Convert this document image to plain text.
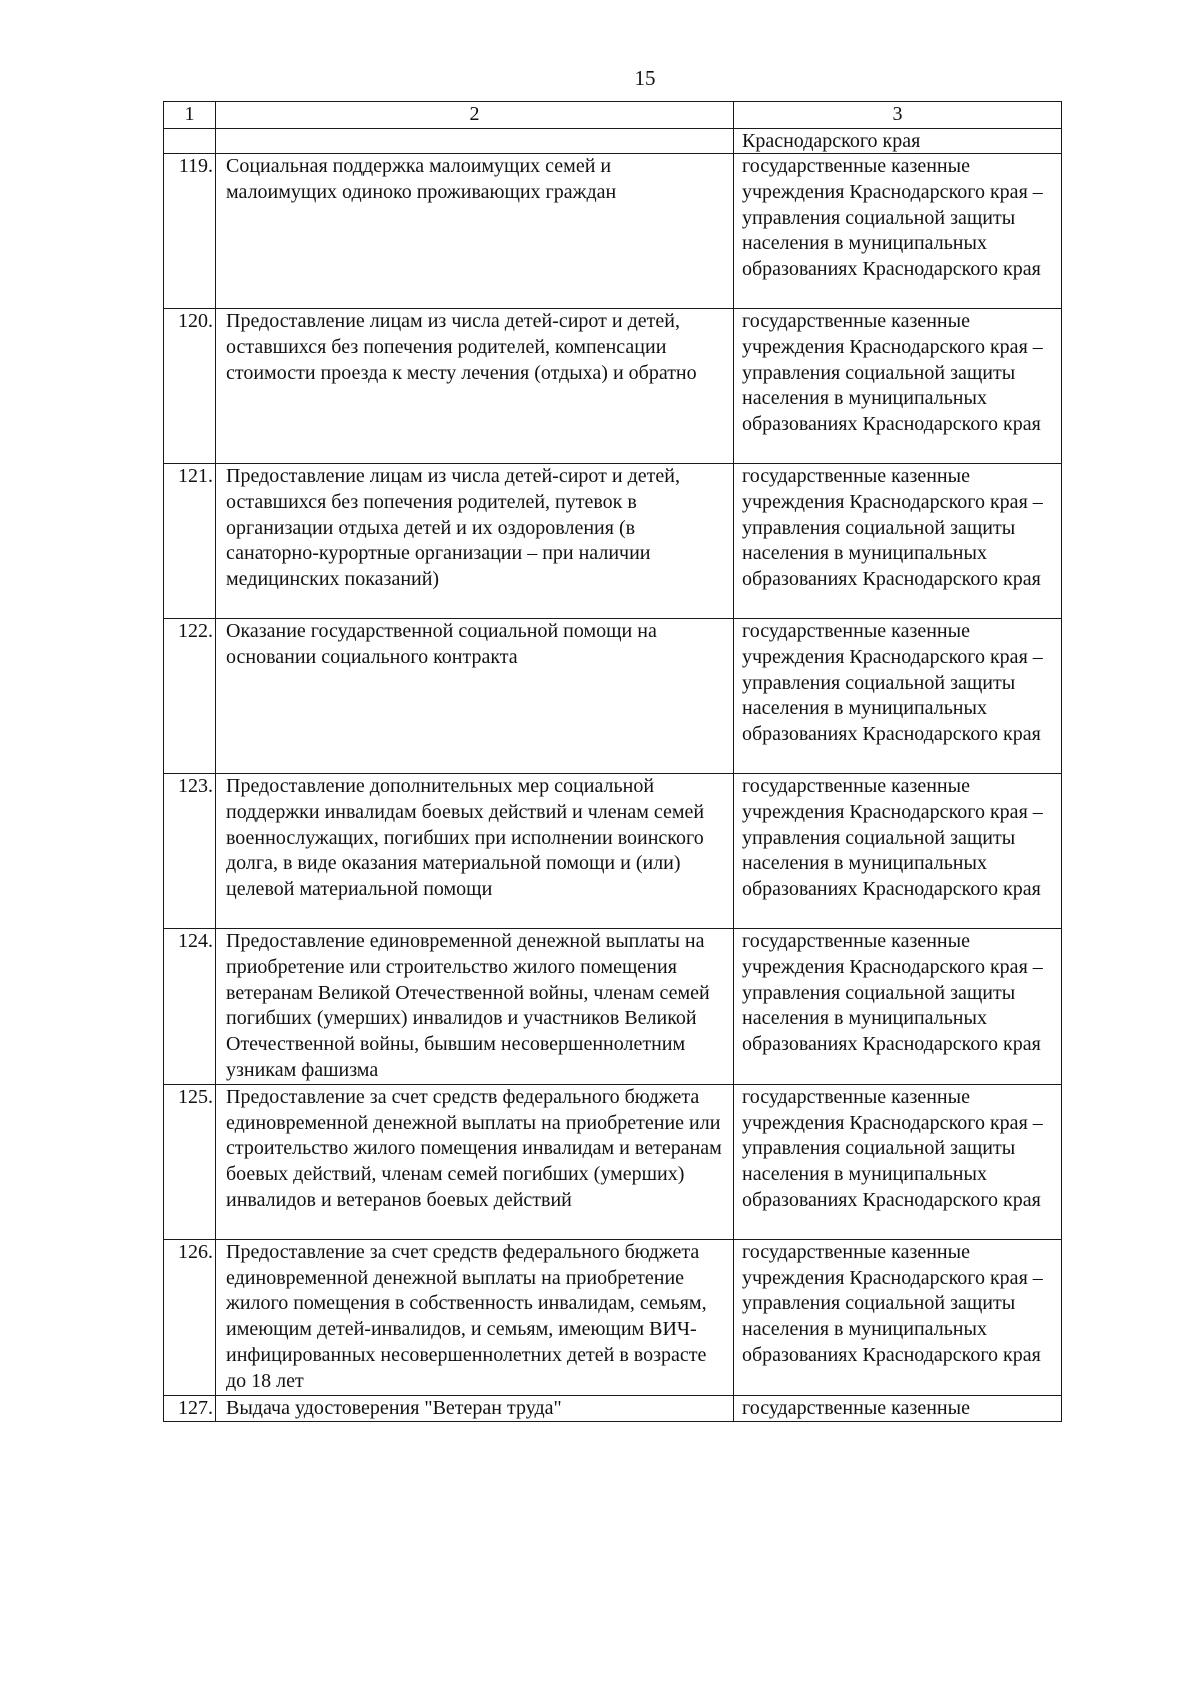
15
1	2	3
		Краснодарского края
119.	Социальная поддержка малоимущих семей и малоимущих одиноко проживающих граждан	государственные казенные учреждения Краснодарского края – управления социальной защиты населения в муниципальных образованиях Краснодарского края
120.	Предоставление лицам из числа детей-сирот и детей, оставшихся без попечения родителей, компенсации стоимости проезда к месту лечения (отдыха) и обратно	государственные казенные учреждения Краснодарского края – управления социальной защиты населения в муниципальных образованиях Краснодарского края
121.	Предоставление лицам из числа детей-сирот и детей, оставшихся без попечения родителей, путевок в организации отдыха детей и их оздоровления (в санаторно-курортные организации – при наличии медицинских показаний)	государственные казенные учреждения Краснодарского края – управления социальной защиты населения в муниципальных образованиях Краснодарского края
122.	Оказание государственной социальной помощи на основании социального контракта	государственные казенные учреждения Краснодарского края – управления социальной защиты населения в муниципальных образованиях Краснодарского края
123.	Предоставление дополнительных мер социальной поддержки инвалидам боевых действий и членам семей военнослужащих, погибших при исполнении воинского долга, в виде оказания материальной помощи и (или) целевой материальной помощи	государственные казенные учреждения Краснодарского края – управления социальной защиты населения в муниципальных образованиях Краснодарского края
124.	Предоставление единовременной денежной выплаты на приобретение или строительство жилого помещения ветеранам Великой Отечественной войны, членам семей погибших (умерших) инвалидов и участников Великой Отечественной войны, бывшим несовершеннолетним узникам фашизма	государственные казенные учреждения Краснодарского края – управления социальной защиты населения в муниципальных образованиях Краснодарского края
125.	Предоставление за счет средств федерального бюджета единовременной денежной выплаты на приобретение или строительство жилого помещения инвалидам и ветеранам боевых действий, членам семей погибших (умерших) инвалидов и ветеранов боевых действий	государственные казенные учреждения Краснодарского края – управления социальной защиты населения в муниципальных образованиях Краснодарского края
126.	Предоставление за счет средств федерального бюджета единовременной денежной выплаты на приобретение жилого помещения в собственность инвалидам, семьям, имеющим детей-инвалидов, и семьям, имеющим ВИЧ-инфицированных несовершеннолетних детей в возрасте до 18 лет	государственные казенные учреждения Краснодарского края – управления социальной защиты населения в муниципальных образованиях Краснодарского края
127.	Выдача удостоверения "Ветеран труда"	государственные казенные
